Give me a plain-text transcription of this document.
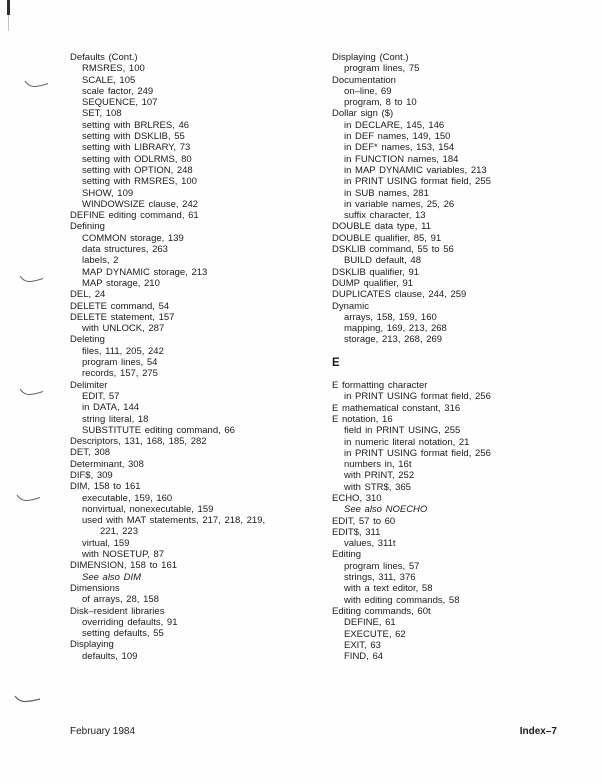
Defaults (Cont.)
RMSRES, 100
SCALE, 105
scale factor, 249
SEQUENCE, 107
SET, 108
setting with BRLRES, 46
setting with DSKLIB, 55
setting with LIBRARY, 73
setting with ODLRMS, 80
setting with OPTION, 248
setting with RMSRES, 100
SHOW, 109
WINDOWSIZE clause, 242
DEFINE editing command, 61
Defining
COMMON storage, 139
data structures, 263
labels, 2
MAP DYNAMIC storage, 213
MAP storage, 210
DEL, 24
DELETE command, 54
DELETE statement, 157
with UNLOCK, 287
Deleting
files, 111, 205, 242
program lines, 54
records, 157, 275
Delimiter
EDIT, 57
in DATA, 144
string literal, 18
SUBSTITUTE editing command, 66
Descriptors, 131, 168, 185, 282
DET, 308
Determinant, 308
DIF$, 309
DIM, 158 to 161
executable, 159, 160
nonvirtual, nonexecutable, 159
used with MAT statements, 217, 218, 219,
221, 223
virtual, 159
with NOSETUP, 87
DIMENSION, 158 to 161
See also DIM
Dimensions
of arrays, 28, 158
Disk–resident libraries
overriding defaults, 91
setting defaults, 55
Displaying
defaults, 109
Displaying (Cont.)
program lines, 75
Documentation
on–line, 69
program, 8 to 10
Dollar sign ($)
in DECLARE, 145, 146
in DEF names, 149, 150
in DEF* names, 153, 154
in FUNCTION names, 184
in MAP DYNAMIC variables, 213
in PRINT USING format field, 255
in SUB names, 281
in variable names, 25, 26
suffix character, 13
DOUBLE data type, 11
DOUBLE qualifier, 85, 91
DSKLIB command, 55 to 56
BUILD default, 48
DSKLIB qualifier, 91
DUMP qualifier, 91
DUPLICATES clause, 244, 259
Dynamic
arrays, 158, 159, 160
mapping, 169, 213, 268
storage, 213, 268, 269
E
E formatting character
in PRINT USING format field, 256
E mathematical constant, 316
E notation, 16
field in PRINT USING, 255
in numeric literal notation, 21
in PRINT USING format field, 256
numbers in, 16t
with PRINT, 252
with STR$, 365
ECHO, 310
See also NOECHO
EDIT, 57 to 60
EDIT$, 311
values, 311t
Editing
program lines, 57
strings, 311, 376
with a text editor, 58
with editing commands, 58
Editing commands, 60t
DEFINE, 61
EXECUTE, 62
EXIT, 63
FIND, 64
February 1984	Index–7
